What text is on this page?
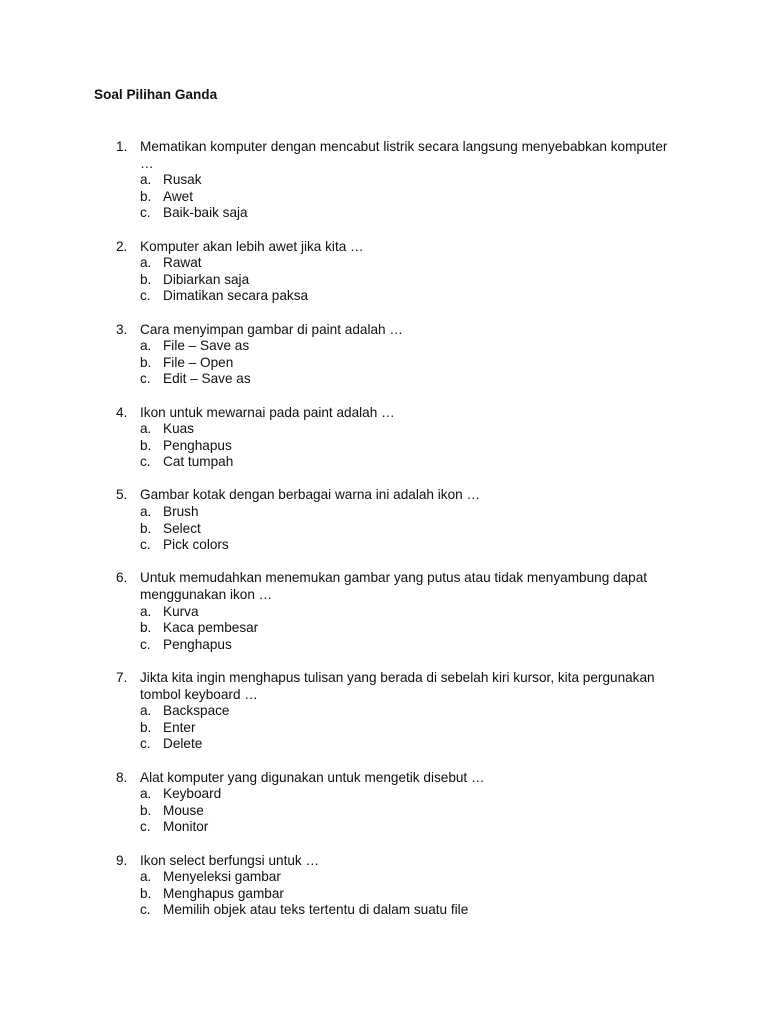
Soal Pilihan Ganda
1. Mematikan komputer dengan mencabut listrik secara langsung menyebabkan komputer …
a. Rusak
b. Awet
c. Baik-baik saja
2. Komputer akan lebih awet jika kita …
a. Rawat
b. Dibiarkan saja
c. Dimatikan secara paksa
3. Cara menyimpan gambar di paint adalah …
a. File – Save as
b. File – Open
c. Edit – Save as
4. Ikon untuk mewarnai pada paint adalah …
a. Kuas
b. Penghapus
c. Cat tumpah
5. Gambar kotak dengan berbagai warna ini adalah ikon …
a. Brush
b. Select
c. Pick colors
6. Untuk memudahkan menemukan gambar yang putus atau tidak menyambung dapat menggunakan ikon …
a. Kurva
b. Kaca pembesar
c. Penghapus
7. Jikta kita ingin menghapus tulisan yang berada di sebelah kiri kursor, kita pergunakan tombol keyboard …
a. Backspace
b. Enter
c. Delete
8. Alat komputer yang digunakan untuk mengetik disebut …
a. Keyboard
b. Mouse
c. Monitor
9. Ikon select berfungsi untuk …
a. Menyeleksi gambar
b. Menghapus gambar
c. Memilih objek atau teks tertentu di dalam suatu file
